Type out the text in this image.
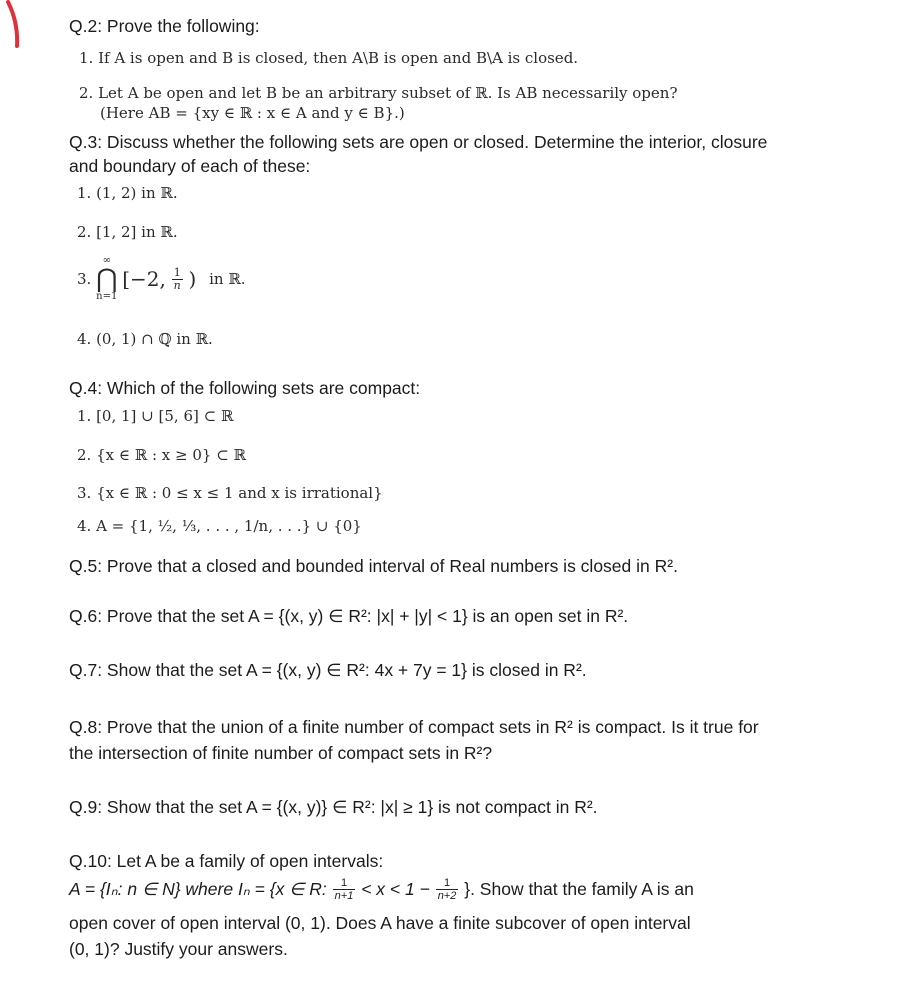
Q.2: Prove the following:
1. If A is open and B is closed, then A\B is open and B\A is closed.
2. Let A be open and let B be an arbitrary subset of ℝ. Is AB necessarily open?
(Here AB = {xy ∈ ℝ : x ∈ A and y ∈ B}.)
Q.3: Discuss whether the following sets are open or closed. Determine the interior, closure
and boundary of each of these:
1. (1, 2) in ℝ.
2. [1, 2] in ℝ.
3.
∞
⋂
n=1
[−2, $\frac{1}{n}$ ) in ℝ.
4. (0, 1) ∩ ℚ in ℝ.
Q.4: Which of the following sets are compact:
1. [0, 1] ∪ [5, 6] ⊂ ℝ
2. {x ∈ ℝ : x ≥ 0} ⊂ ℝ
3. {x ∈ ℝ : 0 ≤ x ≤ 1 and x is irrational}
4. A = {1, ½, ⅓, . . . , 1/n, . . .} ∪ {0}
Q.5: Prove that a closed and bounded interval of Real numbers is closed in R².
Q.6: Prove that the set A = {(x, y) ∈ R²: |x| + |y| < 1} is an open set in R².
Q.7: Show that the set A = {(x, y) ∈ R²: 4x + 7y = 1} is closed in R².
Q.8: Prove that the union of a finite number of compact sets in R² is compact. Is it true for
the intersection of finite number of compact sets in R²?
Q.9: Show that the set A = {(x, y)} ∈ R²: |x| ≥ 1} is not compact in R².
Q.10: Let A be a family of open intervals:
A = {Iₙ: n ∈ N} where Iₙ = {x ∈ R: $\frac{1}{n+1} < x < 1 - \frac{1}{n+2}$ }. Show that the family A is an
open cover of open interval (0, 1). Does A have a finite subcover of open interval
(0, 1)? Justify your answers.
